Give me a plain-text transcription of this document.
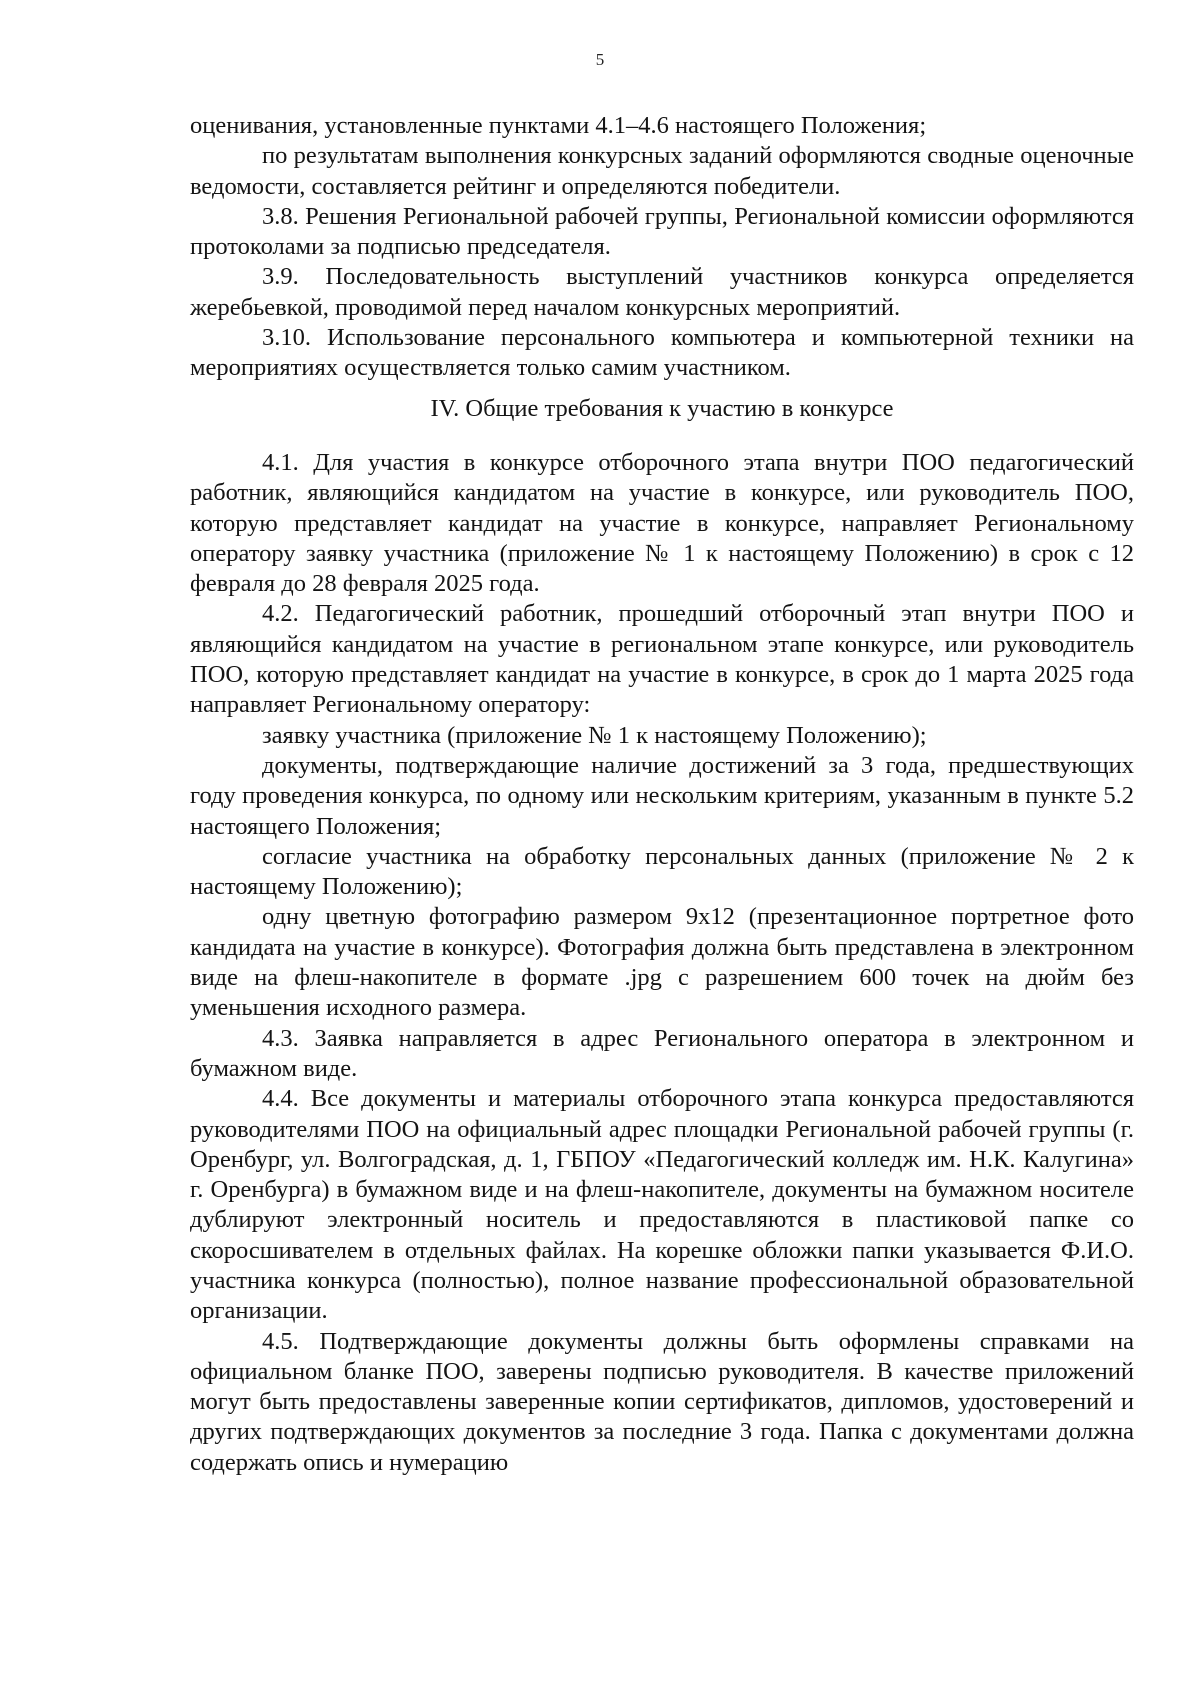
5

оценивания, установленные пунктами 4.1–4.6 настоящего Положения;

по результатам выполнения конкурсных заданий оформляются сводные оценочные ведомости, составляется рейтинг и определяются победители.

3.8. Решения Региональной рабочей группы, Региональной комиссии оформляются протоколами за подписью председателя.

3.9. Последовательность выступлений участников конкурса определяется жеребьевкой, проводимой перед началом конкурсных мероприятий.

3.10. Использование персонального компьютера и компьютерной техники на мероприятиях осуществляется только самим участником.

IV. Общие требования к участию в конкурсе

4.1. Для участия в конкурсе отборочного этапа внутри ПОО педагогический работник, являющийся кандидатом на участие в конкурсе, или руководитель ПОО, которую представляет кандидат на участие в конкурсе, направляет Региональному оператору заявку участника (приложение № 1 к настоящему Положению) в срок с 12 февраля до 28 февраля 2025 года.

4.2. Педагогический работник, прошедший отборочный этап внутри ПОО и являющийся кандидатом на участие в региональном этапе конкурсе, или руководитель ПОО, которую представляет кандидат на участие в конкурсе, в срок до 1 марта 2025 года направляет Региональному оператору:

заявку участника (приложение № 1 к настоящему Положению);

документы, подтверждающие наличие достижений за 3 года, предшествующих году проведения конкурса, по одному или нескольким критериям, указанным в пункте 5.2 настоящего Положения;

согласие участника на обработку персональных данных (приложение № 2 к настоящему Положению);

одну цветную фотографию размером 9x12 (презентационное портретное фото кандидата на участие в конкурсе). Фотография должна быть представлена в электронном виде на флеш-накопителе в формате .jpg с разрешением 600 точек на дюйм без уменьшения исходного размера.

4.3. Заявка направляется в адрес Регионального оператора в электронном и бумажном виде.

4.4. Все документы и материалы отборочного этапа конкурса предоставляются руководителями ПОО на официальный адрес площадки Региональной рабочей группы (г. Оренбург, ул. Волгоградская, д. 1, ГБПОУ «Педагогический колледж им. Н.К. Калугина» г. Оренбурга) в бумажном виде и на флеш-накопителе, документы на бумажном носителе дублируют электронный носитель и предоставляются в пластиковой папке со скоросшивателем в отдельных файлах. На корешке обложки папки указывается Ф.И.О. участника конкурса (полностью), полное название профессиональной образовательной организации.

4.5. Подтверждающие документы должны быть оформлены справками на официальном бланке ПОО, заверены подписью руководителя. В качестве приложений могут быть предоставлены заверенные копии сертификатов, дипломов, удостоверений и других подтверждающих документов за последние 3 года. Папка с документами должна содержать опись и нумерацию
